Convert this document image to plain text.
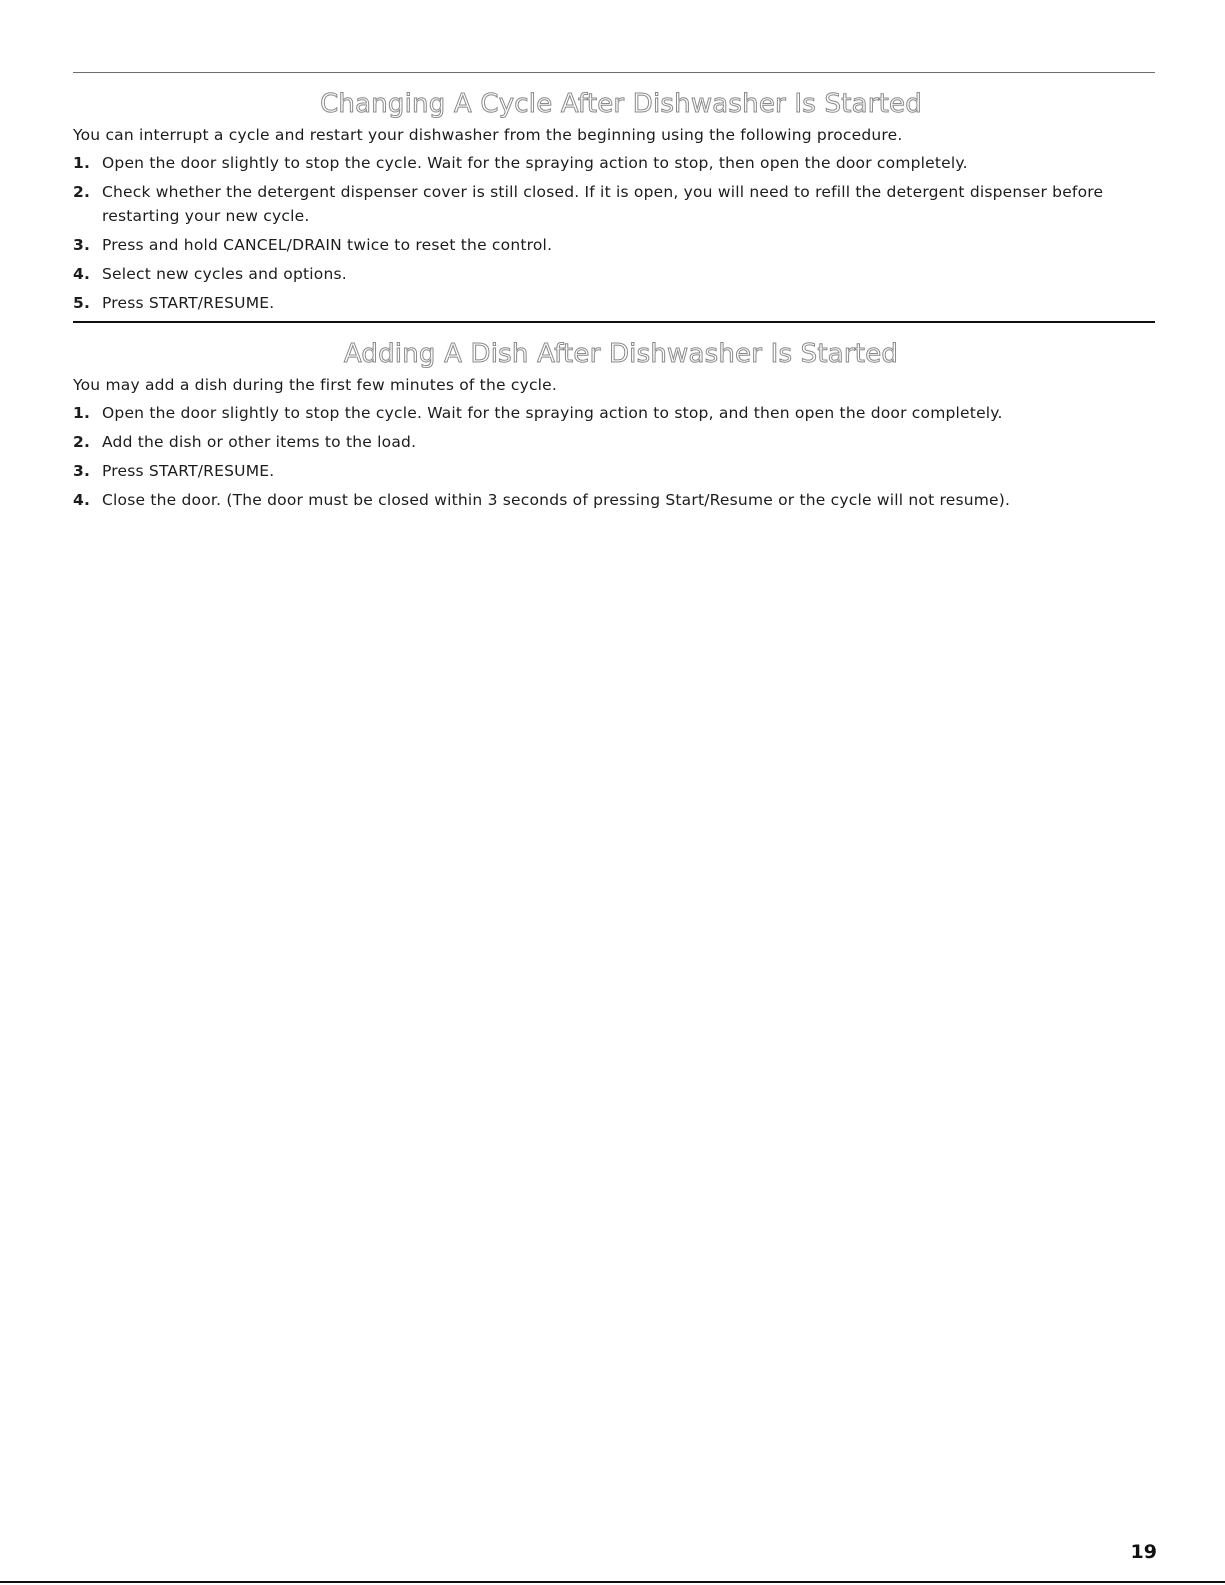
Changing A Cycle After Dishwasher Is Started

You can interrupt a cycle and restart your dishwasher from the beginning using the following procedure.

1. Open the door slightly to stop the cycle. Wait for the spraying action to stop, then open the door completely.
2. Check whether the detergent dispenser cover is still closed. If it is open, you will need to refill the detergent dispenser before restarting your new cycle.
3. Press and hold CANCEL/DRAIN twice to reset the control.
4. Select new cycles and options.
5. Press START/RESUME.
Adding A Dish After Dishwasher Is Started

You may add a dish during the first few minutes of the cycle.

1. Open the door slightly to stop the cycle. Wait for the spraying action to stop, and then open the door completely.
2. Add the dish or other items to the load.
3. Press START/RESUME.
4. Close the door. (The door must be closed within 3 seconds of pressing Start/Resume or the cycle will not resume).
19
